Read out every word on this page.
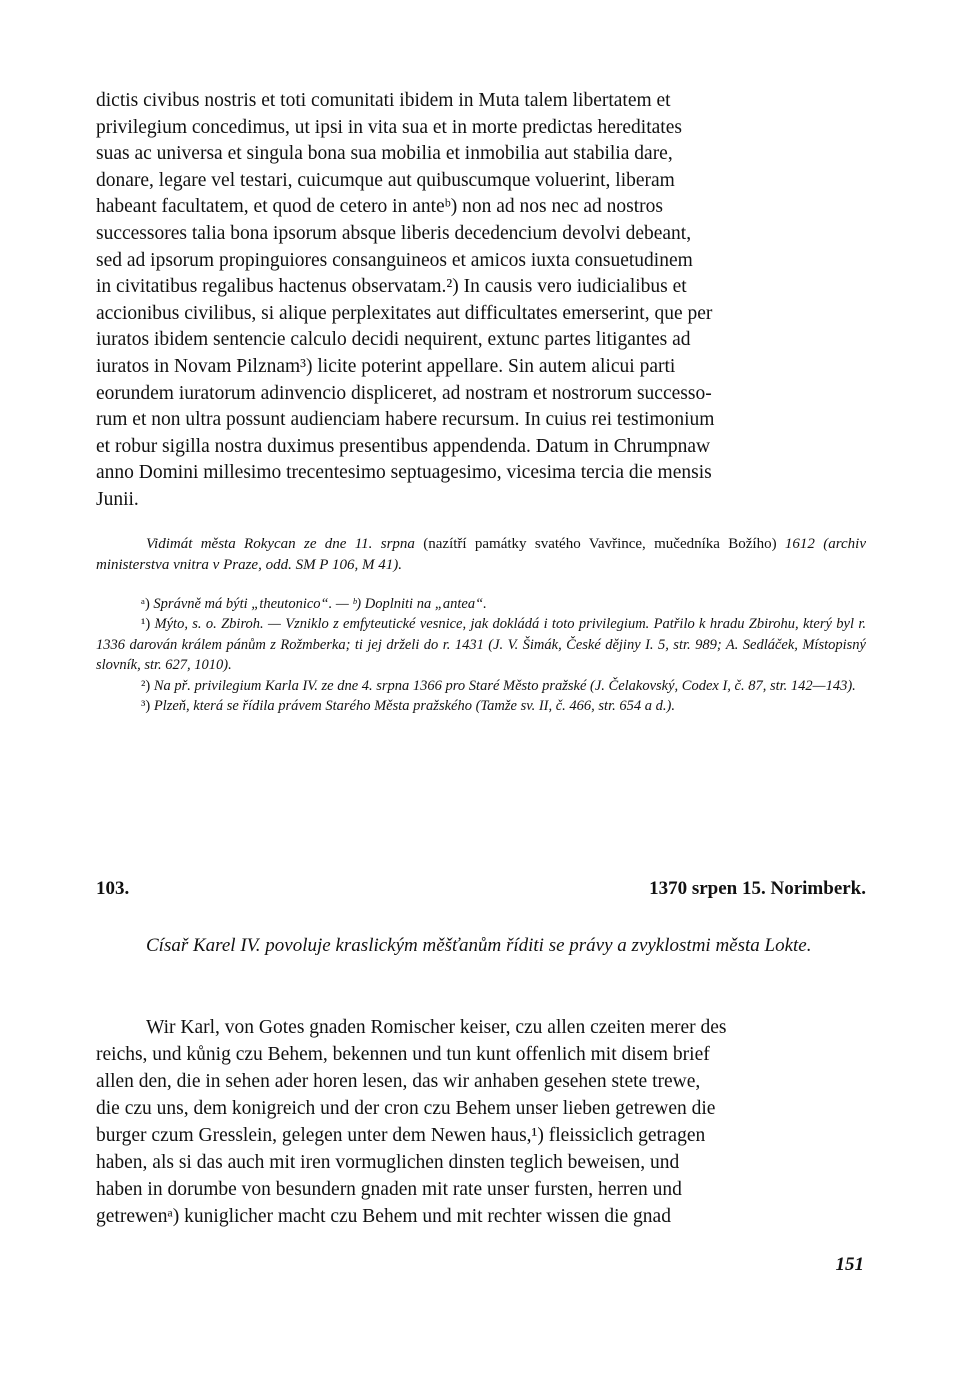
dictis civibus nostris et toti comunitati ibidem in Muta talem libertatem et
privilegium concedimus, ut ipsi in vita sua et in morte predictas hereditates
suas ac universa et singula bona sua mobilia et inmobilia aut stabilia dare,
donare, legare vel testari, cuicumque aut quibuscumque voluerint, liberam
habeant facultatem, et quod de cetero in anteᵇ) non ad nos nec ad nostros
successores talia bona ipsorum absque liberis decedencium devolvi debeant,
sed ad ipsorum propinguiores consanguineos et amicos iuxta consuetudinem
in civitatibus regalibus hactenus observatam.²) In causis vero iudicialibus et
accionibus civilibus, si alique perplexitates aut difficultates emerserint, que per
iuratos ibidem sentencie calculo decidi nequirent, extunc partes litigantes ad
iuratos in Novam Pilznam³) licite poterint appellare. Sin autem alicui parti
eorundem iuratorum adinvencio displiceret, ad nostram et nostrorum successo-
rum et non ultra possunt audienciam habere recursum. In cuius rei testimonium
et robur sigilla nostra duximus presentibus appendenda. Datum in Chrumpnaw
anno Domini millesimo trecentesimo septuagesimo, vicesima tercia die mensis
Junii.

Vidimát města Rokycan ze dne 11. srpna (nazítří památky svatého Vavřince, mučedníka Božího) 1612 (archiv ministerstva vnitra v Praze, odd. SM P 106, M 41).

ᵃ) Správně má býti „theutonico“. — ᵇ) Doplniti na „antea“.

¹) Mýto, s. o. Zbiroh. — Vzniklo z emfyteutické vesnice, jak dokládá i toto privilegium. Patřilo k hradu Zbirohu, který byl r. 1336 darován králem pánům z Rožmberka; ti jej drželi do r. 1431 (J. V. Šimák, České dějiny I. 5, str. 989; A. Sedláček, Místopisný slovník, str. 627, 1010).

²) Na př. privilegium Karla IV. ze dne 4. srpna 1366 pro Staré Město pražské (J. Čelakovský, Codex I, č. 87, str. 142—143).

³) Plzeň, která se řídila právem Starého Města pražského (Tamže sv. II, č. 466, str. 654 a d.).

103.	1370 srpen 15. Norimberk.

Císař Karel IV. povoluje kraslickým měšťanům říditi se právy a zvyklostmi města Lokte.

Wir Karl, von Gotes gnaden Romischer keiser, czu allen czeiten merer des
reichs, und kůnig czu Behem, bekennen und tun kunt offenlich mit disem brief
allen den, die in sehen ader horen lesen, das wir anhaben gesehen stete trewe,
die czu uns, dem konigreich und der cron czu Behem unser lieben getrewen die
burger czum Gresslein, gelegen unter dem Newen haus,¹) fleissiclich getragen
haben, als si das auch mit iren vormuglichen dinsten teglich beweisen, und
haben in dorumbe von besundern gnaden mit rate unser fursten, herren und
getrewenᵃ) kuniglicher macht czu Behem und mit rechter wissen die gnad

151
